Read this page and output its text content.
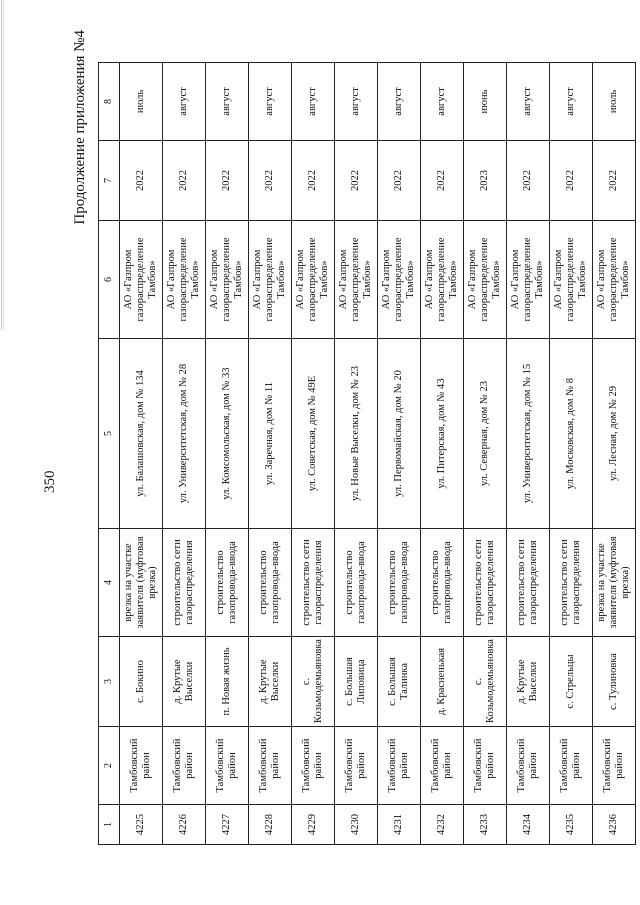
350
Продолжение приложения №4
1	2	3	4	5	6	7	8
4225	Тамбовский район	с. Бокино	врезка на участке заявителя (муфтовая врезка)	ул. Балашовская, дом № 134	АО «Газпром газораспределение Тамбов»	2022	июль
4226	Тамбовский район	д. Крутые Выселки	строительство сети газораспределения	ул. Университетская, дом № 28	АО «Газпром газораспределение Тамбов»	2022	август
4227	Тамбовский район	п. Новая жизнь	строительство газопровода-ввода	ул. Комсомольская, дом № 33	АО «Газпром газораспределение Тамбов»	2022	август
4228	Тамбовский район	д. Крутые Выселки	строительство газопровода-ввода	ул. Заречная, дом № 11	АО «Газпром газораспределение Тамбов»	2022	август
4229	Тамбовский район	с. Козьмодемьяновка	строительство сети газораспределения	ул. Советская, дом № 49Е	АО «Газпром газораспределение Тамбов»	2022	август
4230	Тамбовский район	с. Большая Липовица	строительство газопровода-ввода	ул. Новые Выселки, дом № 23	АО «Газпром газораспределение Тамбов»	2022	август
4231	Тамбовский район	с. Большая Талинка	строительство газопровода-ввода	ул. Первомайская, дом № 20	АО «Газпром газораспределение Тамбов»	2022	август
4232	Тамбовский район	д. Красненькая	строительство газопровода-ввода	ул. Питерская, дом № 43	АО «Газпром газораспределение Тамбов»	2022	август
4233	Тамбовский район	с. Козьмодемьяновка	строительство сети газораспределения	ул. Северная, дом № 23	АО «Газпром газораспределение Тамбов»	2023	июнь
4234	Тамбовский район	д. Крутые Выселки	строительство сети газораспределения	ул. Университетская, дом № 15	АО «Газпром газораспределение Тамбов»	2022	август
4235	Тамбовский район	с. Стрельцы	строительство сети газораспределения	ул. Московская, дом № 8	АО «Газпром газораспределение Тамбов»	2022	август
4236	Тамбовский район	с. Тулиновка	врезка на участке заявителя (муфтовая врезка)	ул. Лесная, дом № 29	АО «Газпром газораспределение Тамбов»	2022	июль
